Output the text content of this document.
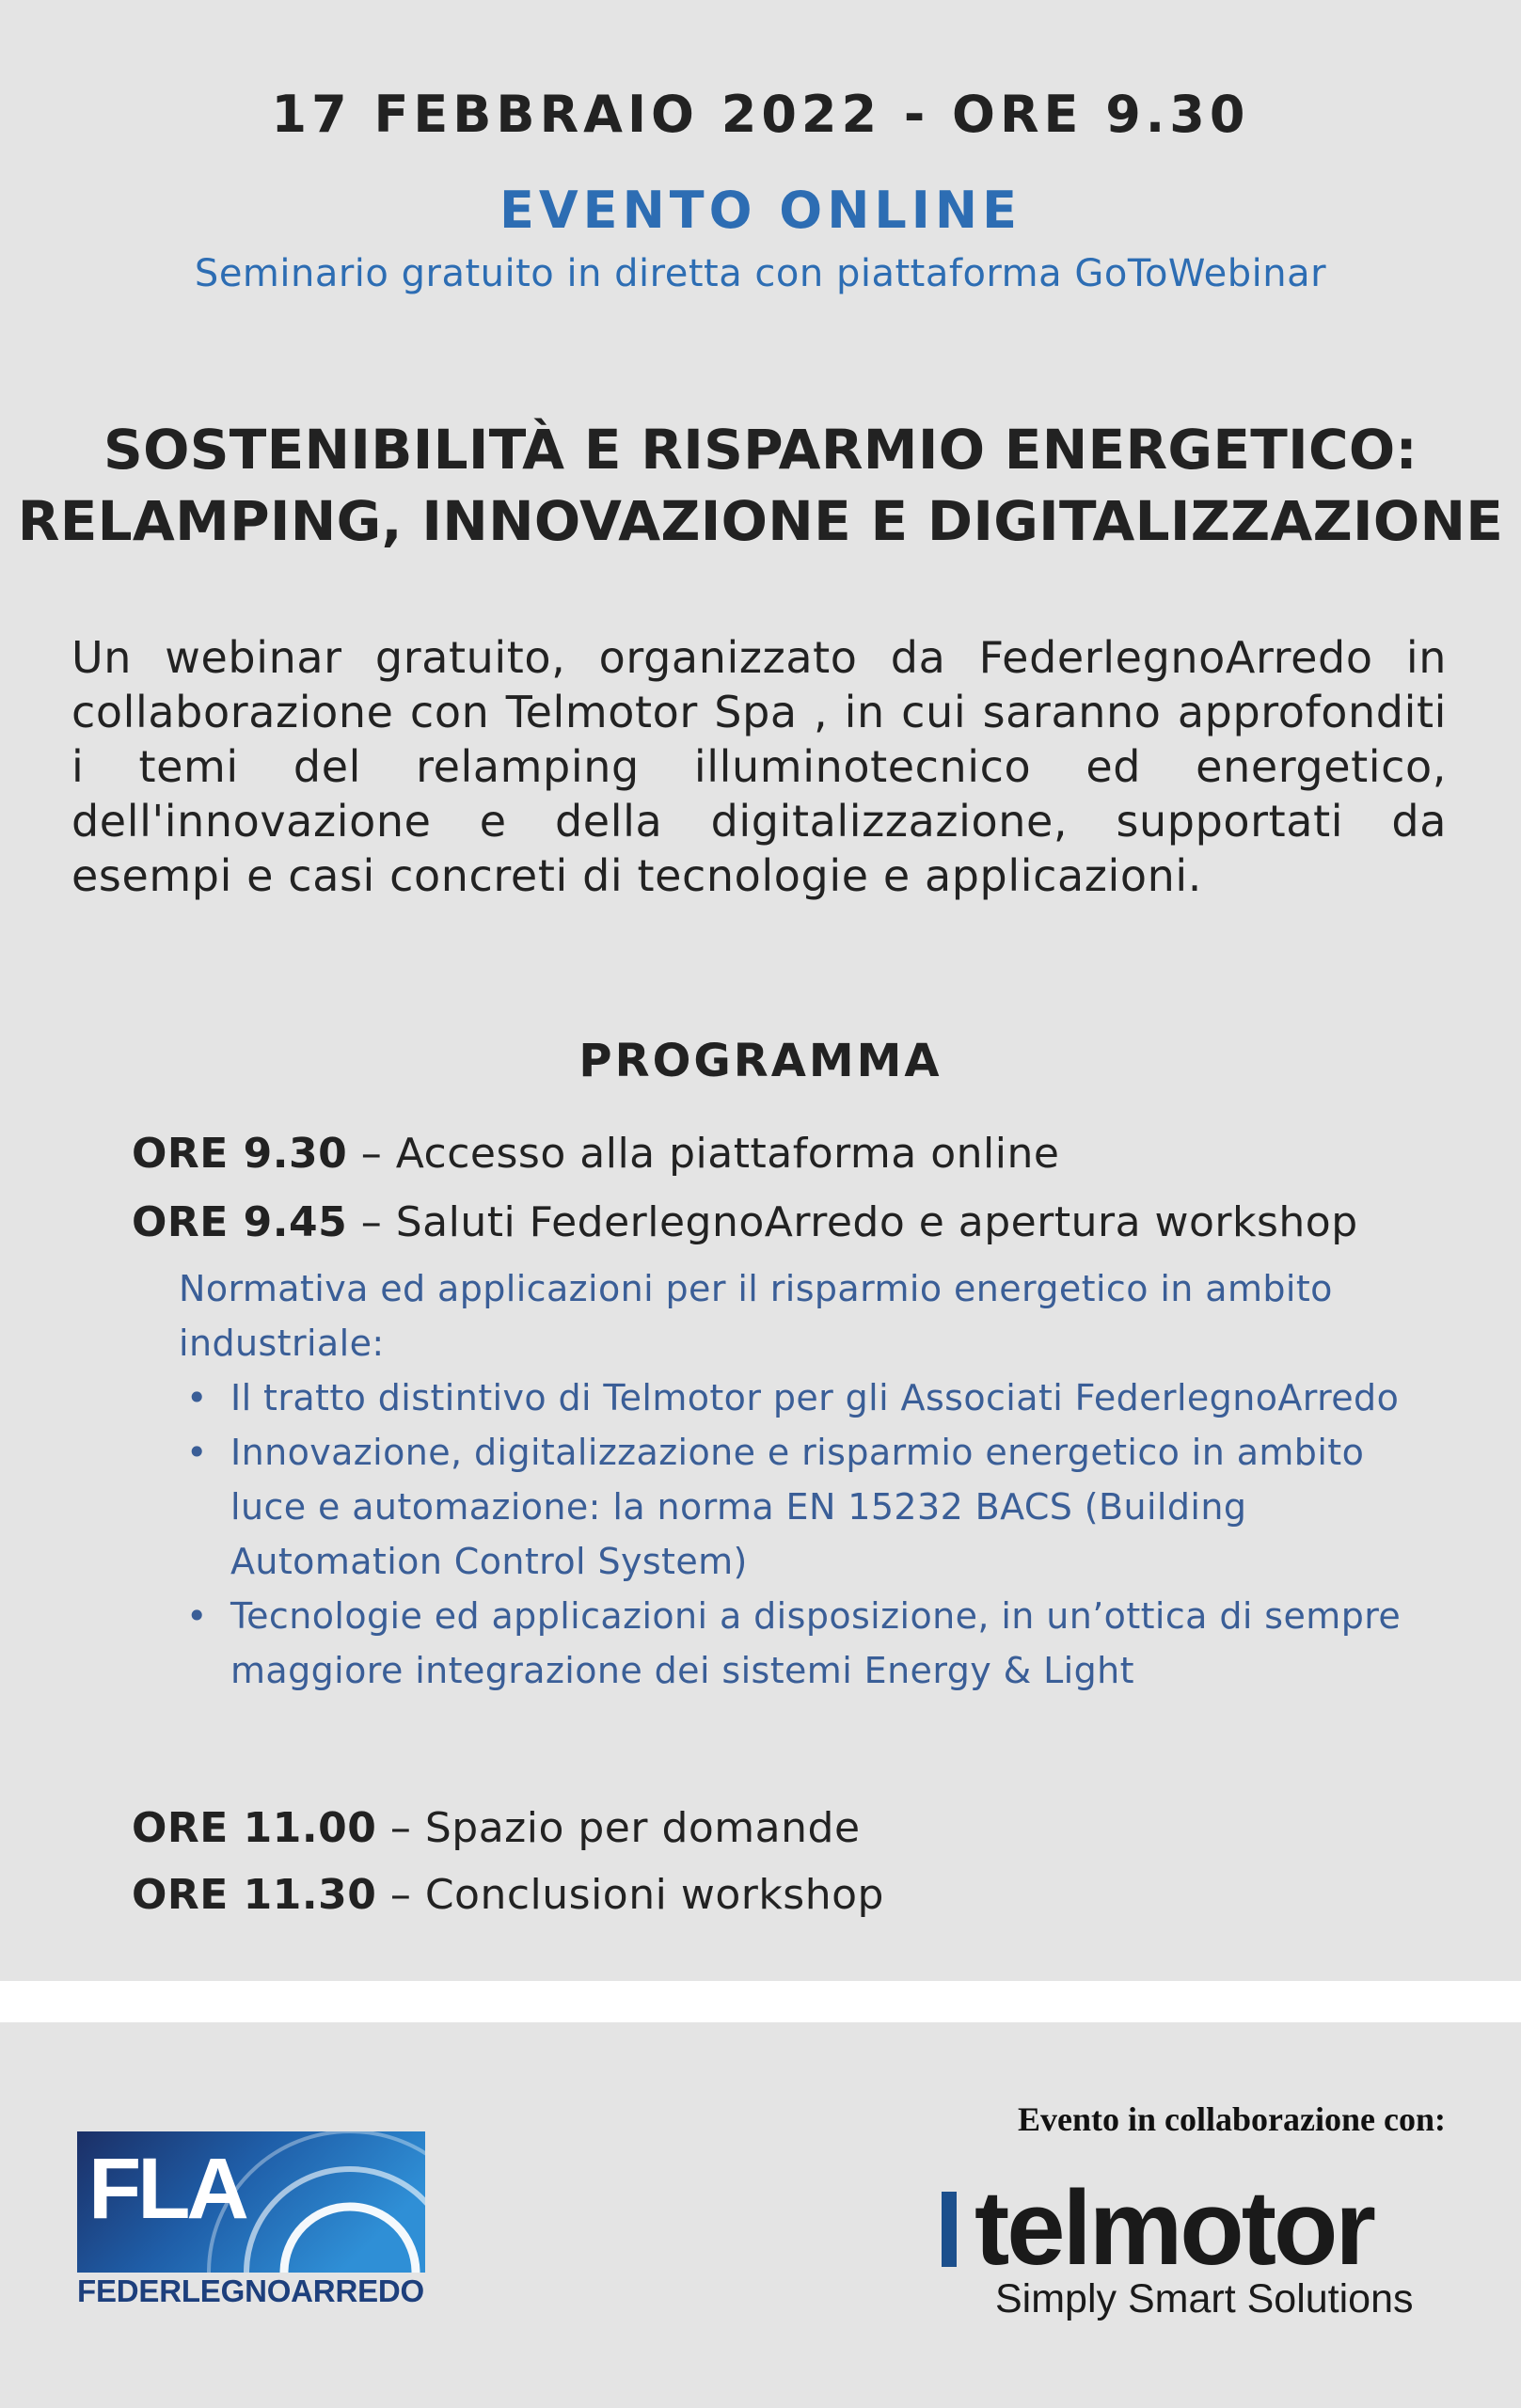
17 FEBBRAIO 2022 - ORE 9.30
EVENTO ONLINE
Seminario gratuito in diretta con piattaforma GoToWebinar
SOSTENIBILITÀ E RISPARMIO ENERGETICO:
RELAMPING, INNOVAZIONE E DIGITALIZZAZIONE
Un webinar gratuito, organizzato da FederlegnoArredo in collaborazione con Telmotor Spa , in cui saranno approfonditi i temi del relamping illuminotecnico ed energetico, dell'innovazione e della digitalizzazione, supportati da esempi e casi concreti di tecnologie e applicazioni.
PROGRAMMA
ORE 9.30 – Accesso alla piattaforma online
ORE 9.45 – Saluti FederlegnoArredo e apertura workshop
Normativa ed applicazioni per il risparmio energetico in ambito industriale:
• Il tratto distintivo di Telmotor per gli Associati FederlegnoArredo
• Innovazione, digitalizzazione e risparmio energetico in ambito luce e automazione: la norma EN 15232 BACS (Building Automation Control System)
• Tecnologie ed applicazioni a disposizione, in un’ottica di sempre maggiore integrazione dei sistemi Energy & Light
ORE 11.00 – Spazio per domande
ORE 11.30 – Conclusioni workshop
FLA
FEDERLEGNOARREDO
Evento in collaborazione con:
telmotor
Simply Smart Solutions
